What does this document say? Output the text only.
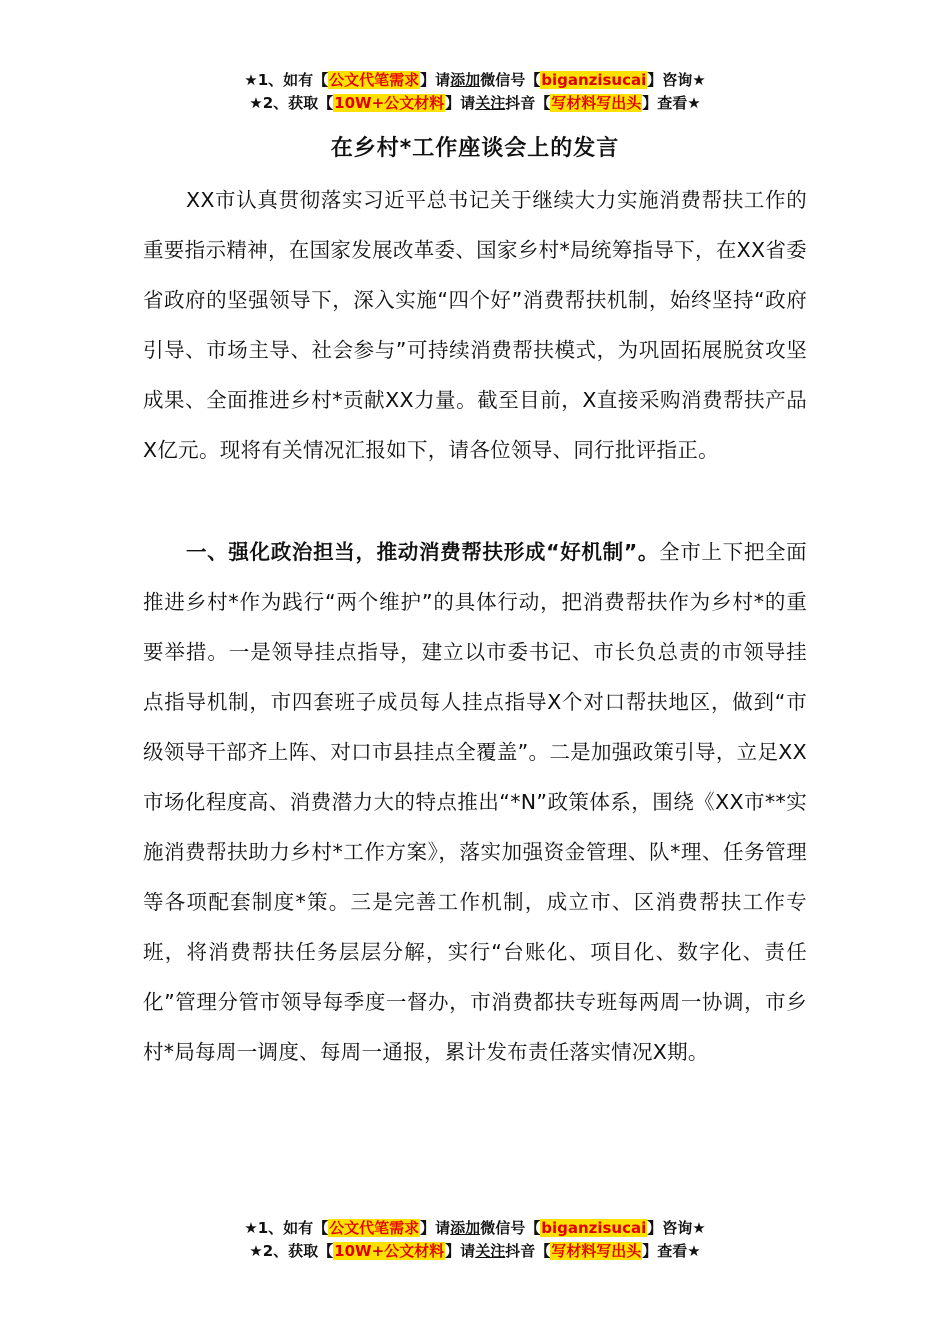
★1、如有【公文代笔需求】请添加微信号【biganzisucai】咨询★
★2、获取【10W+公文材料】请关注抖音【写材料写出头】查看★
在乡村*工作座谈会上的发言

XX市认真贯彻落实习近平总书记关于继续大力实施消费帮扶工作的重要指示精神，在国家发展改革委、国家乡村*局统筹指导下，在XX省委省政府的坚强领导下，深入实施“四个好”消费帮扶机制，始终坚持“政府引导、市场主导、社会参与”可持续消费帮扶模式，为巩固拓展脱贫攻坚成果、全面推进乡村*贡献XX力量。截至目前，X直接采购消费帮扶产品X亿元。现将有关情况汇报如下，请各位领导、同行批评指正。

一、强化政治担当，推动消费帮扶形成“好机制”。全市上下把全面推进乡村*作为践行“两个维护”的具体行动，把消费帮扶作为乡村*的重要举措。一是领导挂点指导，建立以市委书记、市长负总责的市领导挂点指导机制，市四套班子成员每人挂点指导X个对口帮扶地区，做到“市级领导干部齐上阵、对口市县挂点全覆盖”。二是加强政策引导，立足XX市场化程度高、消费潜力大的特点推出“*N”政策体系，围绕《XX市**实施消费帮扶助力乡村*工作方案》，落实加强资金管理、队*理、任务管理等各项配套制度*策。三是完善工作机制，成立市、区消费帮扶工作专班，将消费帮扶任务层层分解，实行“台账化、项目化、数字化、责任化”管理分管市领导每季度一督办，市消费都扶专班每两周一协调，市乡村*局每周一调度、每周一通报，累计发布责任落实情况X期。

★1、如有【公文代笔需求】请添加微信号【biganzisucai】咨询★
★2、获取【10W+公文材料】请关注抖音【写材料写出头】查看★
